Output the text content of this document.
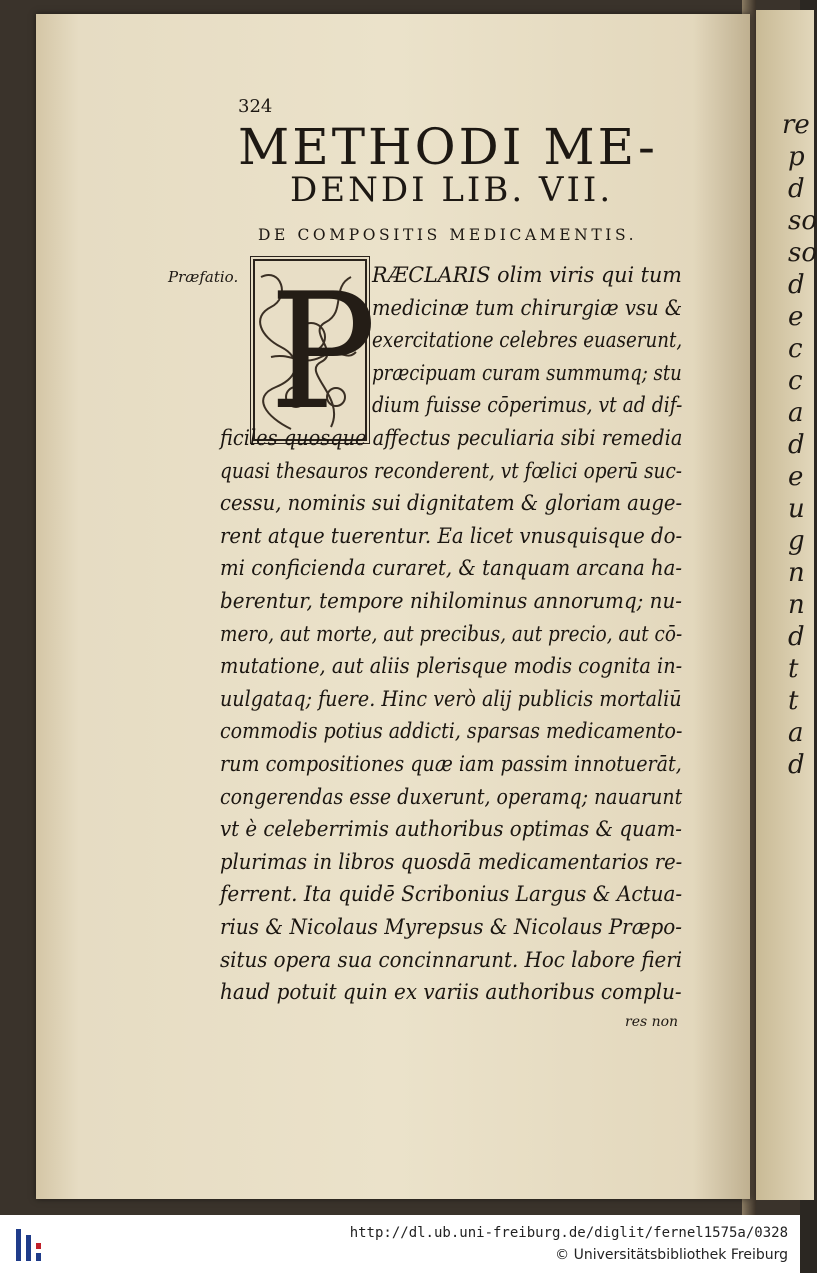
324
METHODI ME-
DENDI LIB. VII.
DE COMPOSITIS MEDICAMENTIS.
Præfatio. P
res non
RÆCLARIS olim viris qui tum
medicinæ tum chirurgiæ vsu &
exercitatione celebres euaserunt,
præcipuam curam summumq; stu
dium fuisse cōperimus, vt ad dif-
ficiles quosque affectus peculiaria sibi remedia
quasi thesauros reconderent, vt fœlici operū suc-
cessu, nominis sui dignitatem & gloriam auge-
rent atque tuerentur. Ea licet vnusquisque do-
mi conficienda curaret, & tanquam arcana ha-
berentur, tempore nihilominus annorumq; nu-
mero, aut morte, aut precibus, aut precio, aut cō-
mutatione, aut aliis plerisque modis cognita in-
uulgataq; fuere. Hinc verò alij publicis mortaliū
commodis potius addicti, sparsas medicamento-
rum compositiones quæ iam passim innotuerāt,
congerendas esse duxerunt, operamq; nauarunt
vt è celeberrimis authoribus optimas & quam-
plurimas in libros quosdā medicamentarios re-
ferrent. Ita quidē Scribonius Largus & Actua-
rius & Nicolaus Myrepsus & Nicolaus Præpo-
situs opera sua concinnarunt. Hoc labore fieri
haud potuit quin ex variis authoribus complu-
re
p
d
so
so
d
e
c
c
a
d
e
u
g
n
n
d
t
t
a
d
http://dl.ub.uni-freiburg.de/diglit/fernel1575a/0328
© Universitätsbibliothek Freiburg
